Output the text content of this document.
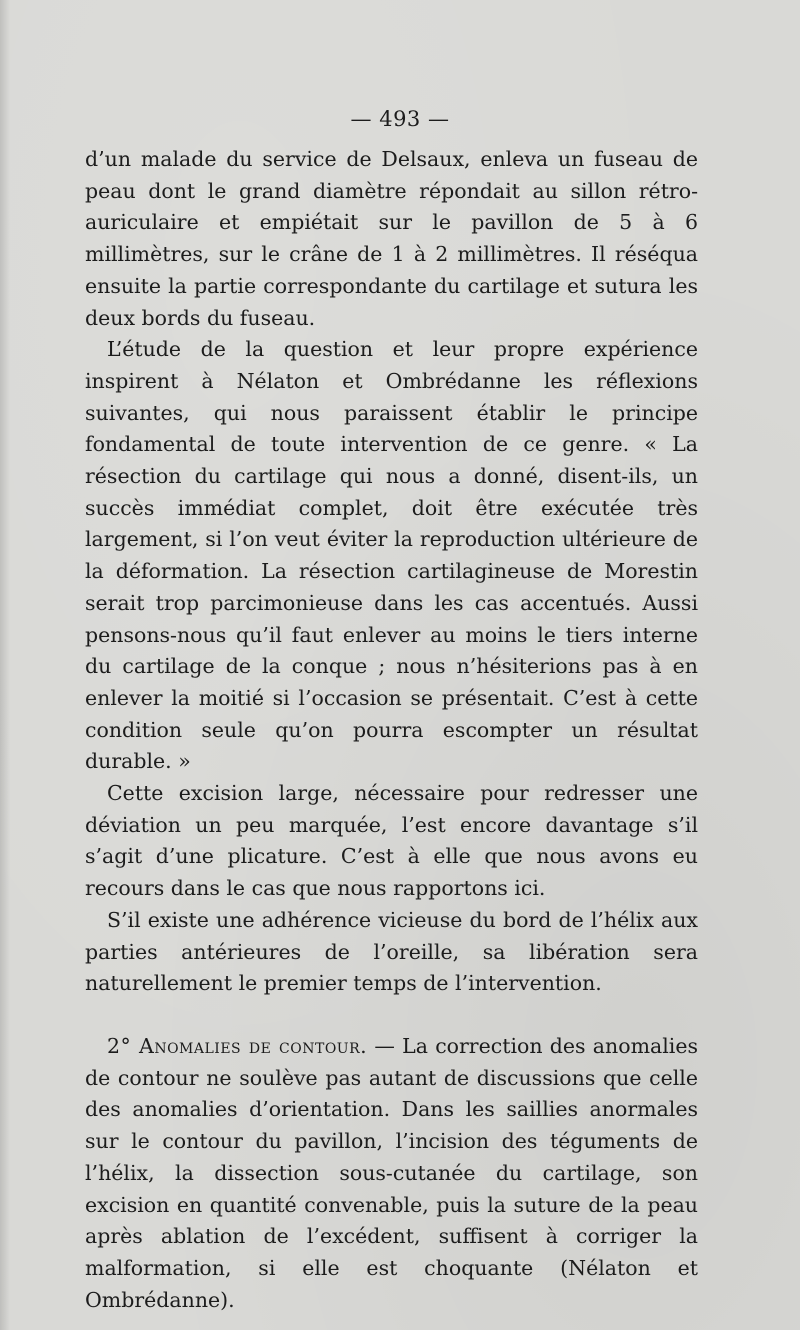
— 493 —

d’un malade du service de Delsaux, enleva un fuseau de peau dont le grand diamètre répondait au sillon rétro-auriculaire et empiétait sur le pavillon de 5 à 6 millimètres, sur le crâne de 1 à 2 millimètres. Il réséqua ensuite la partie correspondante du cartilage et sutura les deux bords du fuseau.

L’étude de la question et leur propre expérience inspirent à Nélaton et Ombrédanne les réflexions suivantes, qui nous paraissent établir le principe fondamental de toute intervention de ce genre. « La résection du cartilage qui nous a donné, disent-ils, un succès immédiat complet, doit être exécutée très largement, si l’on veut éviter la reproduction ultérieure de la déformation. La résection cartilagineuse de Morestin serait trop parcimonieuse dans les cas accentués. Aussi pensons-nous qu’il faut enlever au moins le tiers interne du cartilage de la conque ; nous n’hésiterions pas à en enlever la moitié si l’occasion se présentait. C’est à cette condition seule qu’on pourra escompter un résultat durable. »

Cette excision large, nécessaire pour redresser une déviation un peu marquée, l’est encore davantage s’il s’agit d’une plicature. C’est à elle que nous avons eu recours dans le cas que nous rapportons ici.

S’il existe une adhérence vicieuse du bord de l’hélix aux parties antérieures de l’oreille, sa libération sera naturellement le premier temps de l’intervention.

2° Anomalies de contour. — La correction des anomalies de contour ne soulève pas autant de discussions que celle des anomalies d’orientation. Dans les saillies anormales sur le contour du pavillon, l’incision des téguments de l’hélix, la dissection sous-cutanée du cartilage, son excision en quantité convenable, puis la suture de la peau après ablation de l’excédent, suffisent à corriger la malformation, si elle est choquante (Nélaton et Ombrédanne).
